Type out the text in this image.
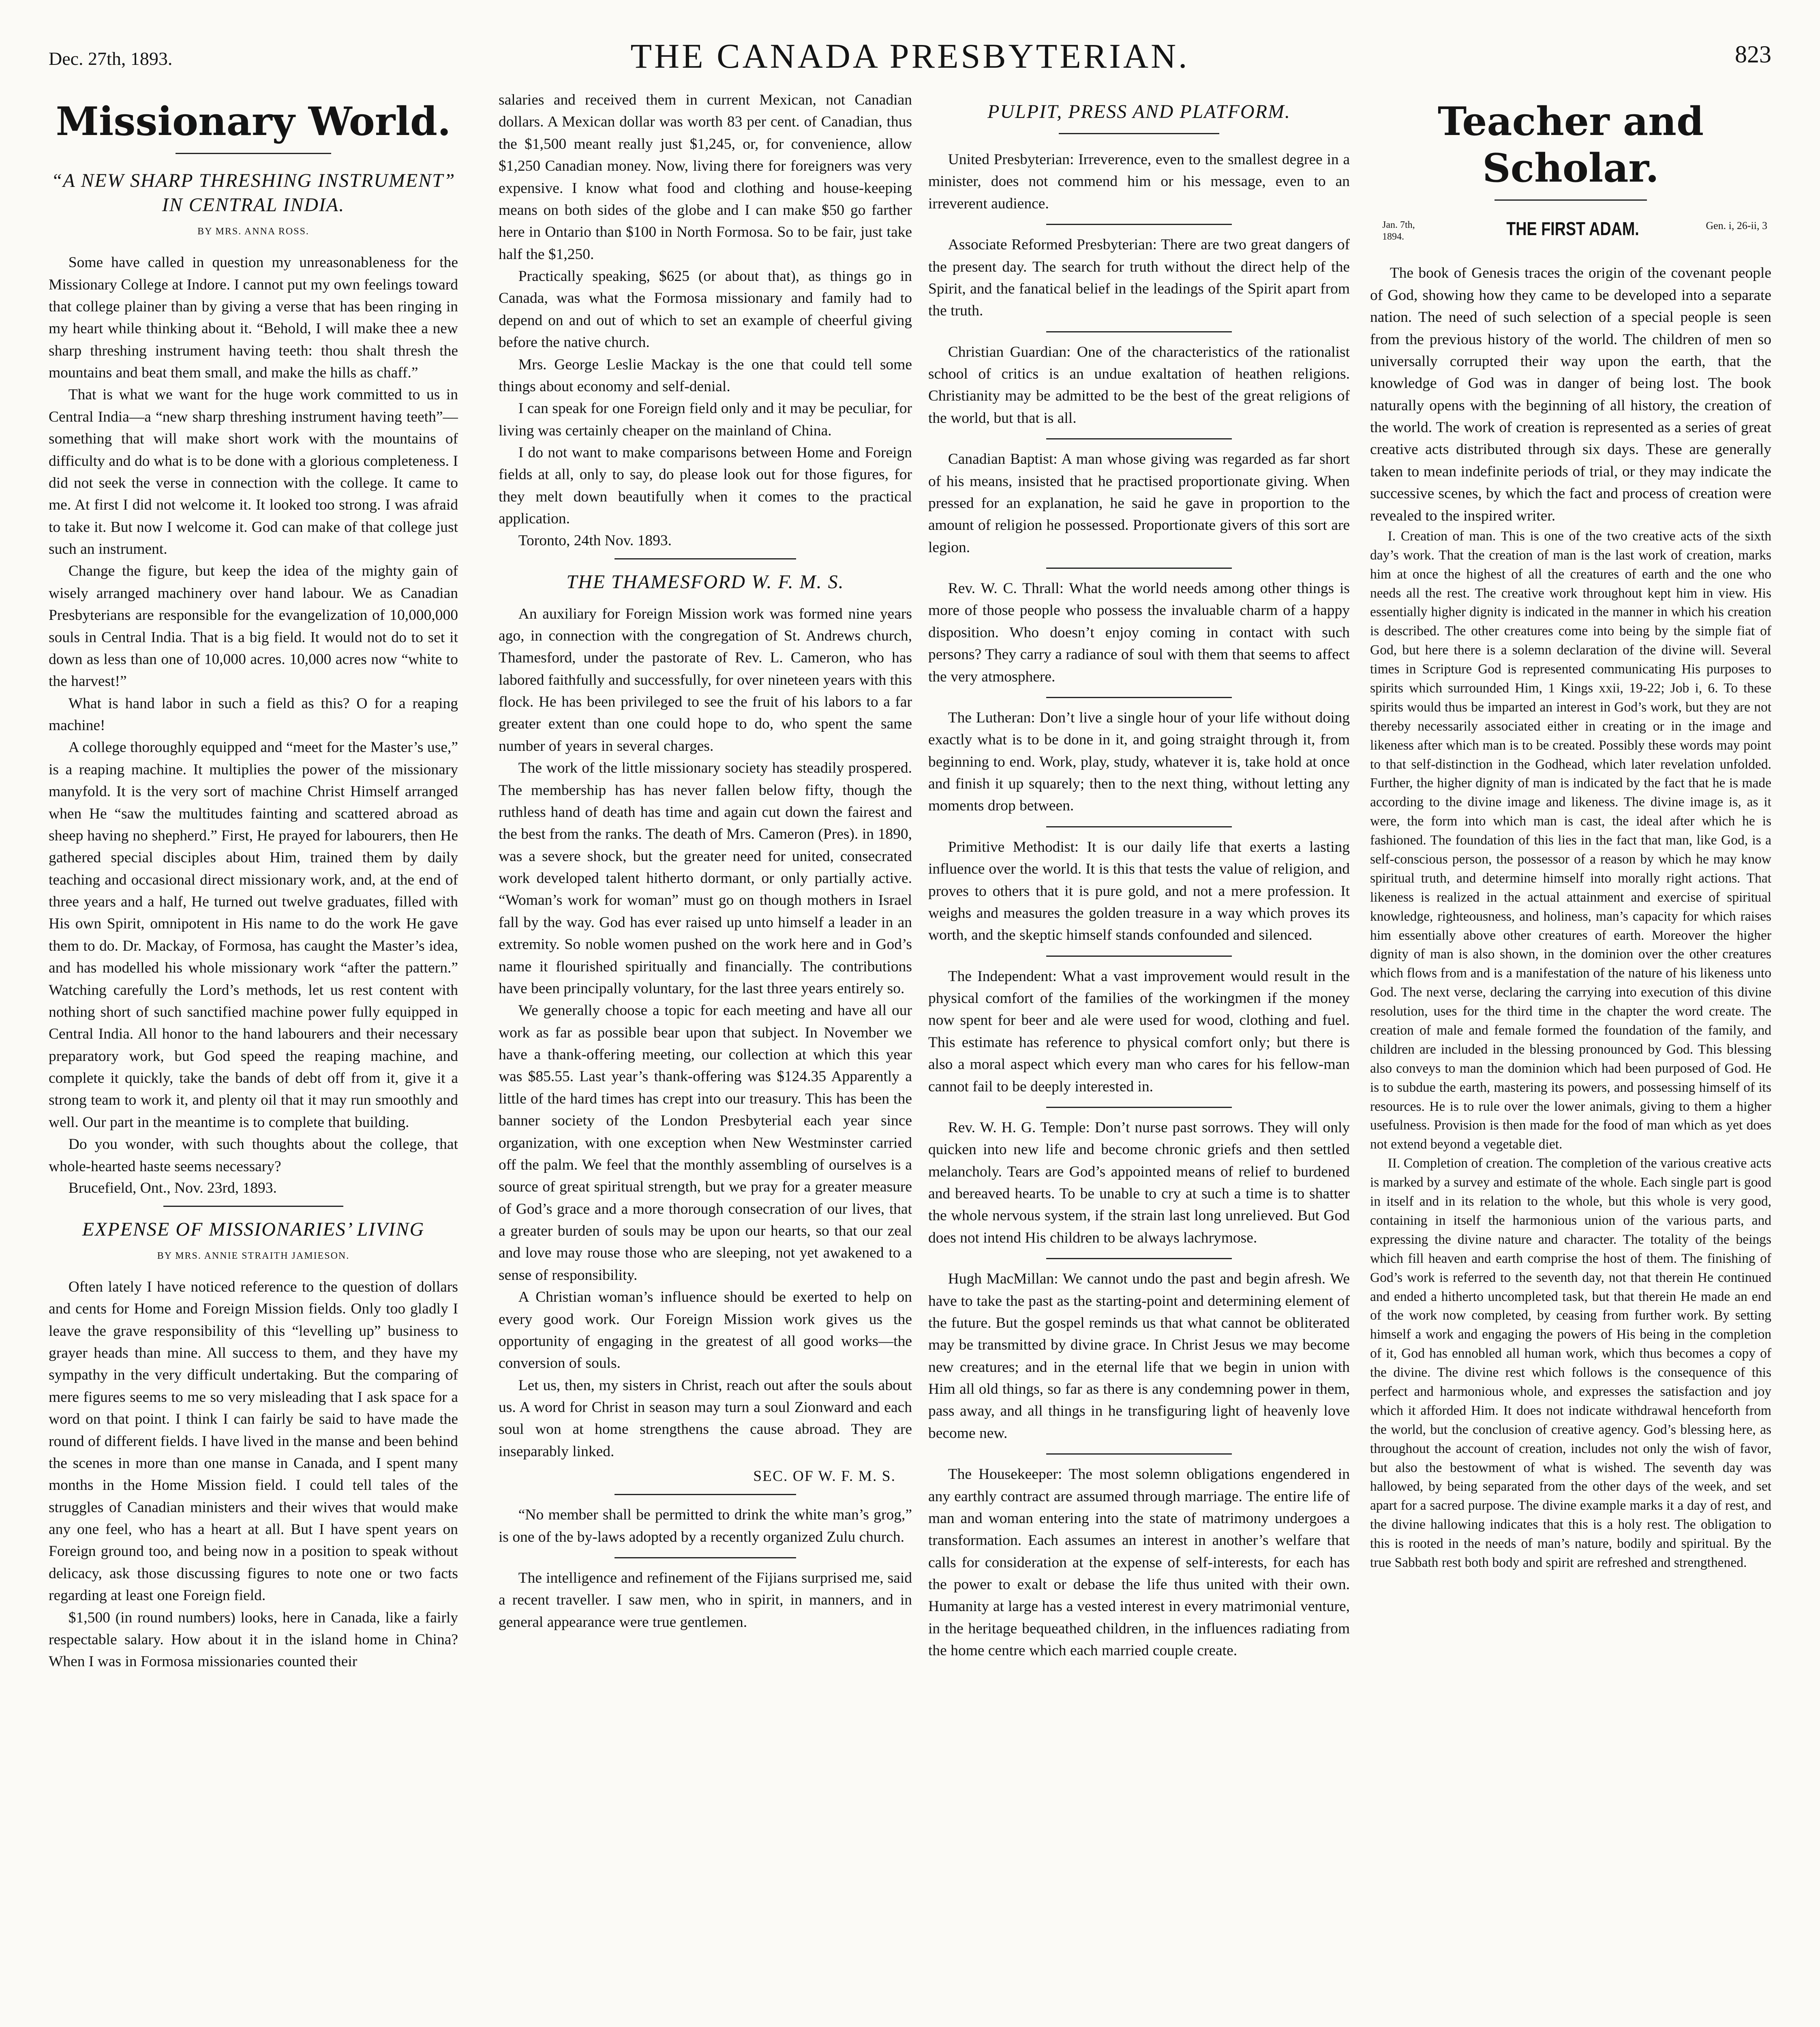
Dec. 27th, 1893.	THE CANADA PRESBYTERIAN.	823
Missionary World.
“A NEW SHARP THRESHING INSTRUMENT” IN CENTRAL INDIA.
BY MRS. ANNA ROSS.

Some have called in question my unreasonableness for the Missionary College at Indore. I cannot put my own feelings toward that college plainer than by giving a verse that has been ringing in my heart while thinking about it. “Behold, I will make thee a new sharp threshing instrument having teeth: thou shalt thresh the mountains and beat them small, and make the hills as chaff.”

That is what we want for the huge work committed to us in Central India—a “new sharp threshing instrument having teeth”—something that will make short work with the mountains of difficulty and do what is to be done with a glorious completeness. I did not seek the verse in connection with the college. It came to me. At first I did not welcome it. It looked too strong. I was afraid to take it. But now I welcome it. God can make of that college just such an instrument.

Change the figure, but keep the idea of the mighty gain of wisely arranged machinery over hand labour. We as Canadian Presbyterians are responsible for the evangelization of 10,000,000 souls in Central India. That is a big field. It would not do to set it down as less than one of 10,000 acres. 10,000 acres now “white to the harvest!”

What is hand labor in such a field as this? O for a reaping machine!

A college thoroughly equipped and “meet for the Master’s use,” is a reaping machine. It multiplies the power of the missionary manyfold. It is the very sort of machine Christ Himself arranged when He “saw the multitudes fainting and scattered abroad as sheep having no shepherd.” First, He prayed for labourers, then He gathered special disciples about Him, trained them by daily teaching and occasional direct missionary work, and, at the end of three years and a half, He turned out twelve graduates, filled with His own Spirit, omnipotent in His name to do the work He gave them to do. Dr. Mackay, of Formosa, has caught the Master’s idea, and has modelled his whole missionary work “after the pattern.” Watching carefully the Lord’s methods, let us rest content with nothing short of such sanctified machine power fully equipped in Central India. All honor to the hand labourers and their necessary preparatory work, but God speed the reaping machine, and complete it quickly, take the bands of debt off from it, give it a strong team to work it, and plenty oil that it may run smoothly and well. Our part in the meantime is to complete that building.

Do you wonder, with such thoughts about the college, that whole-hearted haste seems necessary?

Brucefield, Ont., Nov. 23rd, 1893.

EXPENSE OF MISSIONARIES’ LIVING
BY MRS. ANNIE STRAITH JAMIESON.

Often lately I have noticed reference to the question of dollars and cents for Home and Foreign Mission fields. Only too gladly I leave the grave responsibility of this “levelling up” business to grayer heads than mine. All success to them, and they have my sympathy in the very difficult undertaking. But the comparing of mere figures seems to me so very misleading that I ask space for a word on that point. I think I can fairly be said to have made the round of different fields. I have lived in the manse and been behind the scenes in more than one manse in Canada, and I spent many months in the Home Mission field. I could tell tales of the struggles of Canadian ministers and their wives that would make any one feel, who has a heart at all. But I have spent years on Foreign ground too, and being now in a position to speak without delicacy, ask those discussing figures to note one or two facts regarding at least one Foreign field.

$1,500 (in round numbers) looks, here in Canada, like a fairly respectable salary. How about it in the island home in China? When I was in Formosa missionaries counted their

salaries and received them in current Mexican, not Canadian dollars. A Mexican dollar was worth 83 per cent. of Canadian, thus the $1,500 meant really just $1,245, or, for convenience, allow $1,250 Canadian money. Now, living there for foreigners was very expensive. I know what food and clothing and house-keeping means on both sides of the globe and I can make $50 go farther here in Ontario than $100 in North Formosa. So to be fair, just take half the $1,250.

Practically speaking, $625 (or about that), as things go in Canada, was what the Formosa missionary and family had to depend on and out of which to set an example of cheerful giving before the native church.

Mrs. George Leslie Mackay is the one that could tell some things about economy and self-denial.

I can speak for one Foreign field only and it may be peculiar, for living was certainly cheaper on the mainland of China.

I do not want to make comparisons between Home and Foreign fields at all, only to say, do please look out for those figures, for they melt down beautifully when it comes to the practical application.

Toronto, 24th Nov. 1893.

THE THAMESFORD W. F. M. S.

An auxiliary for Foreign Mission work was formed nine years ago, in connection with the congregation of St. Andrews church, Thamesford, under the pastorate of Rev. L. Cameron, who has labored faithfully and successfully, for over nineteen years with this flock. He has been privileged to see the fruit of his labors to a far greater extent than one could hope to do, who spent the same number of years in several charges.

The work of the little missionary society has steadily prospered. The membership has has never fallen below fifty, though the ruthless hand of death has time and again cut down the fairest and the best from the ranks. The death of Mrs. Cameron (Pres). in 1890, was a severe shock, but the greater need for united, consecrated work developed talent hitherto dormant, or only partially active. “Woman’s work for woman” must go on though mothers in Israel fall by the way. God has ever raised up unto himself a leader in an extremity. So noble women pushed on the work here and in God’s name it flourished spiritually and financially. The contributions have been principally voluntary, for the last three years entirely so.

We generally choose a topic for each meeting and have all our work as far as possible bear upon that subject. In November we have a thank-offering meeting, our collection at which this year was $85.55. Last year’s thank-offering was $124.35 Apparently a little of the hard times has crept into our treasury. This has been the banner society of the London Presbyterial each year since organization, with one exception when New Westminster carried off the palm. We feel that the monthly assembling of ourselves is a source of great spiritual strength, but we pray for a greater measure of God’s grace and a more thorough consecration of our lives, that a greater burden of souls may be upon our hearts, so that our zeal and love may rouse those who are sleeping, not yet awakened to a sense of responsibility.

A Christian woman’s influence should be exerted to help on every good work. Our Foreign Mission work gives us the opportunity of engaging in the greatest of all good works—the conversion of souls.

Let us, then, my sisters in Christ, reach out after the souls about us. A word for Christ in season may turn a soul Zionward and each soul won at home strengthens the cause abroad. They are inseparably linked.

SEC. OF W. F. M. S.

“No member shall be permitted to drink the white man’s grog,” is one of the by-laws adopted by a recently organized Zulu church.

The intelligence and refinement of the Fijians surprised me, said a recent traveller. I saw men, who in spirit, in manners, and in general appearance were true gentlemen.

PULPIT, PRESS AND PLATFORM.

United Presbyterian: Irreverence, even to the smallest degree in a minister, does not commend him or his message, even to an irreverent audience.

Associate Reformed Presbyterian: There are two great dangers of the present day. The search for truth without the direct help of the Spirit, and the fanatical belief in the leadings of the Spirit apart from the truth.

Christian Guardian: One of the characteristics of the rationalist school of critics is an undue exaltation of heathen religions. Christianity may be admitted to be the best of the great religions of the world, but that is all.

Canadian Baptist: A man whose giving was regarded as far short of his means, insisted that he practised proportionate giving. When pressed for an explanation, he said he gave in proportion to the amount of religion he possessed. Proportionate givers of this sort are legion.

Rev. W. C. Thrall: What the world needs among other things is more of those people who possess the invaluable charm of a happy disposition. Who doesn’t enjoy coming in contact with such persons? They carry a radiance of soul with them that seems to affect the very atmosphere.

The Lutheran: Don’t live a single hour of your life without doing exactly what is to be done in it, and going straight through it, from beginning to end. Work, play, study, whatever it is, take hold at once and finish it up squarely; then to the next thing, without letting any moments drop between.

Primitive Methodist: It is our daily life that exerts a lasting influence over the world. It is this that tests the value of religion, and proves to others that it is pure gold, and not a mere profession. It weighs and measures the golden treasure in a way which proves its worth, and the skeptic himself stands confounded and silenced.

The Independent: What a vast improvement would result in the physical comfort of the families of the workingmen if the money now spent for beer and ale were used for wood, clothing and fuel. This estimate has reference to physical comfort only; but there is also a moral aspect which every man who cares for his fellow-man cannot fail to be deeply interested in.

Rev. W. H. G. Temple: Don’t nurse past sorrows. They will only quicken into new life and become chronic griefs and then settled melancholy. Tears are God’s appointed means of relief to burdened and bereaved hearts. To be unable to cry at such a time is to shatter the whole nervous system, if the strain last long unrelieved. But God does not intend His children to be always lachrymose.

Hugh MacMillan: We cannot undo the past and begin afresh. We have to take the past as the starting-point and determining element of the future. But the gospel reminds us that what cannot be obliterated may be transmitted by divine grace. In Christ Jesus we may become new creatures; and in the eternal life that we begin in union with Him all old things, so far as there is any condemning power in them, pass away, and all things in he transfiguring light of heavenly love become new.

The Housekeeper: The most solemn obligations engendered in any earthly contract are assumed through marriage. The entire life of man and woman entering into the state of matrimony undergoes a transformation. Each assumes an interest in another’s welfare that calls for consideration at the expense of self-interests, for each has the power to exalt or debase the life thus united with their own. Humanity at large has a vested interest in every matrimonial venture, in the heritage bequeathed children, in the influences radiating from the home centre which each married couple create.

Teacher and Scholar.
Jan. 7th, 1894.	THE FIRST ADAM.	Gen. i, 26-ii, 3

The book of Genesis traces the origin of the covenant people of God, showing how they came to be developed into a separate nation. The need of such selection of a special people is seen from the previous history of the world. The children of men so universally corrupted their way upon the earth, that the knowledge of God was in danger of being lost. The book naturally opens with the beginning of all history, the creation of the world. The work of creation is represented as a series of great creative acts distributed through six days. These are generally taken to mean indefinite periods of trial, or they may indicate the successive scenes, by which the fact and process of creation were revealed to the inspired writer.

I. Creation of man. This is one of the two creative acts of the sixth day’s work. That the creation of man is the last work of creation, marks him at once the highest of all the creatures of earth and the one who needs all the rest. The creative work throughout kept him in view. His essentially higher dignity is indicated in the manner in which his creation is described. The other creatures come into being by the simple fiat of God, but here there is a solemn declaration of the divine will. Several times in Scripture God is represented communicating His purposes to spirits which surrounded Him, 1 Kings xxii, 19-22; Job i, 6. To these spirits would thus be imparted an interest in God’s work, but they are not thereby necessarily associated either in creating or in the image and likeness after which man is to be created. Possibly these words may point to that self-distinction in the Godhead, which later revelation unfolded. Further, the higher dignity of man is indicated by the fact that he is made according to the divine image and likeness. The divine image is, as it were, the form into which man is cast, the ideal after which he is fashioned. The foundation of this lies in the fact that man, like God, is a self-conscious person, the possessor of a reason by which he may know spiritual truth, and determine himself into morally right actions. That likeness is realized in the actual attainment and exercise of spiritual knowledge, righteousness, and holiness, man’s capacity for which raises him essentially above other creatures of earth. Moreover the higher dignity of man is also shown, in the dominion over the other creatures which flows from and is a manifestation of the nature of his likeness unto God. The next verse, declaring the carrying into execution of this divine resolution, uses for the third time in the chapter the word create. The creation of male and female formed the foundation of the family, and children are included in the blessing pronounced by God. This blessing also conveys to man the dominion which had been purposed of God. He is to subdue the earth, mastering its powers, and possessing himself of its resources. He is to rule over the lower animals, giving to them a higher usefulness. Provision is then made for the food of man which as yet does not extend beyond a vegetable diet.

II. Completion of creation. The completion of the various creative acts is marked by a survey and estimate of the whole. Each single part is good in itself and in its relation to the whole, but this whole is very good, containing in itself the harmonious union of the various parts, and expressing the divine nature and character. The totality of the beings which fill heaven and earth comprise the host of them. The finishing of God’s work is referred to the seventh day, not that therein He continued and ended a hitherto uncompleted task, but that therein He made an end of the work now completed, by ceasing from further work. By setting himself a work and engaging the powers of His being in the completion of it, God has ennobled all human work, which thus becomes a copy of the divine. The divine rest which follows is the consequence of this perfect and harmonious whole, and expresses the satisfaction and joy which it afforded Him. It does not indicate withdrawal henceforth from the world, but the conclusion of creative agency. God’s blessing here, as throughout the account of creation, includes not only the wish of favor, but also the bestowment of what is wished. The seventh day was hallowed, by being separated from the other days of the week, and set apart for a sacred purpose. The divine example marks it a day of rest, and the divine hallowing indicates that this is a holy rest. The obligation to this is rooted in the needs of man’s nature, bodily and spiritual. By the true Sabbath rest both body and spirit are refreshed and strengthened.
